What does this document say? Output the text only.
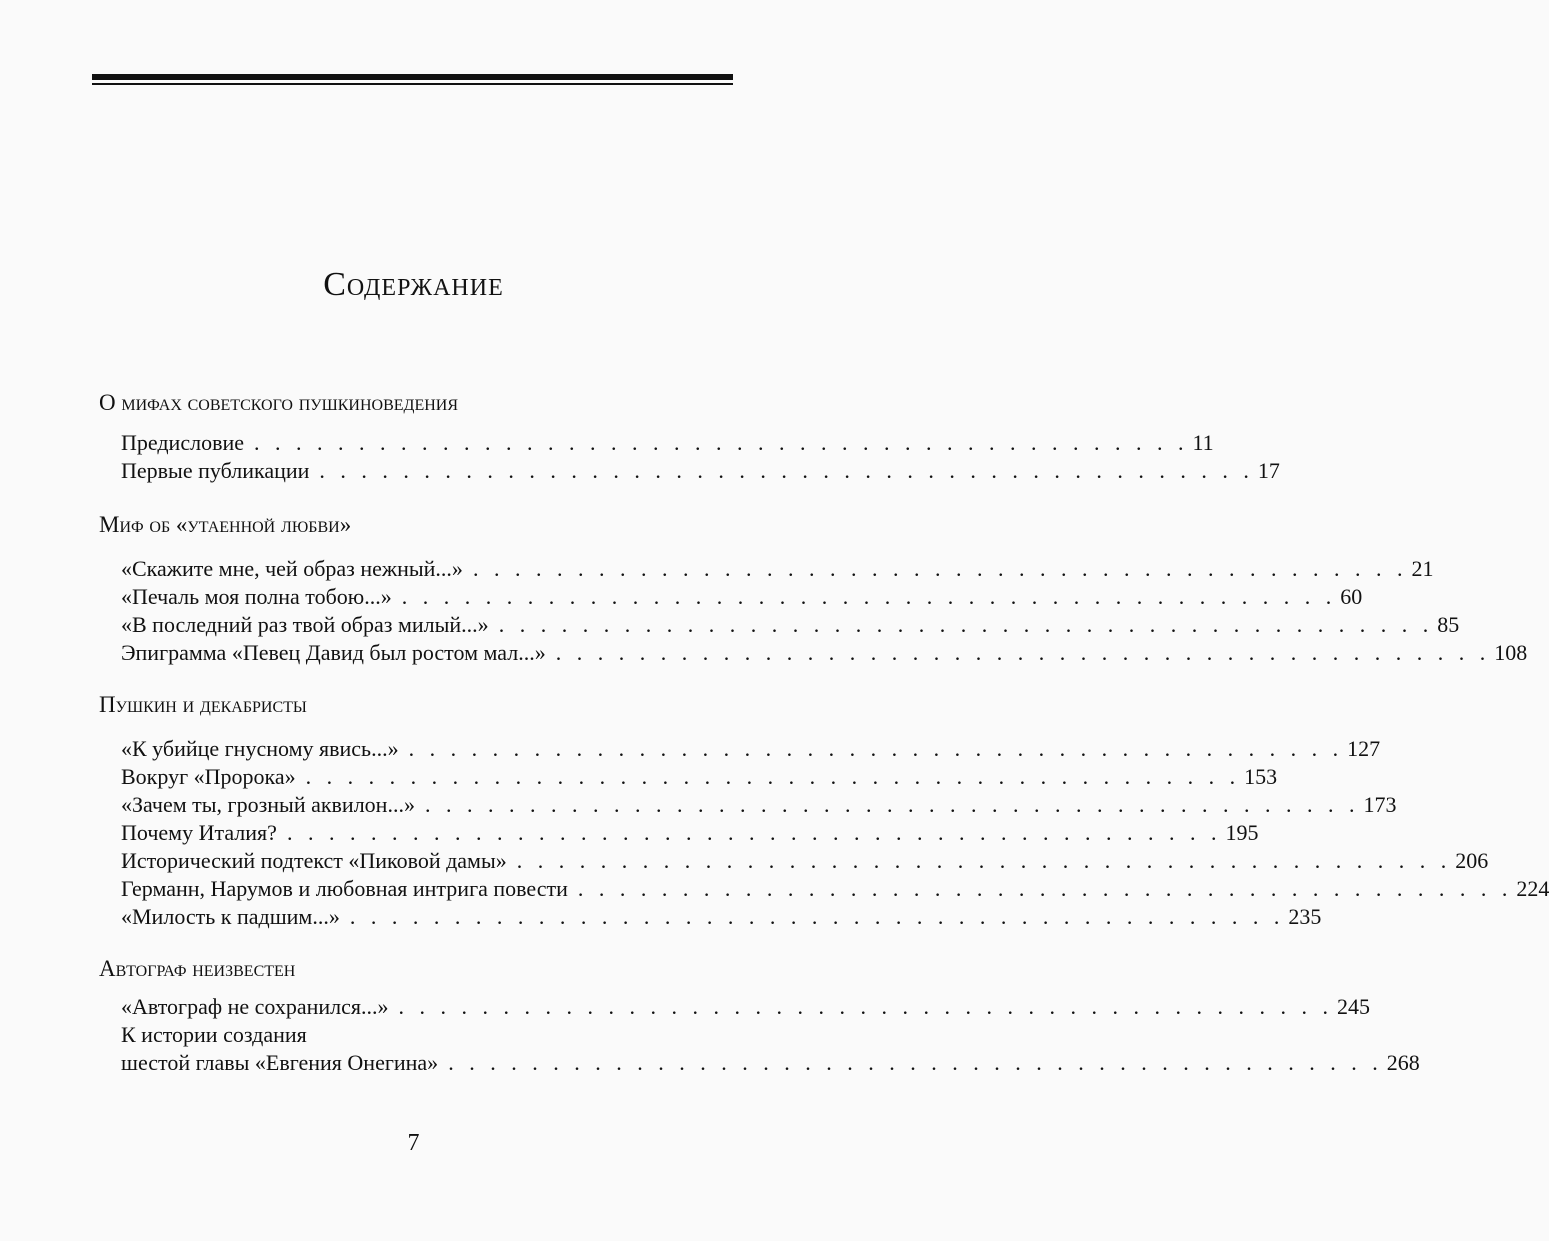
Содержание
О мифах советского пушкиноведения
Предисловие . . . . . . . . . . . . . . . . . . . . . . . . . . . . . . . . . . . . . . . . . . . . . 11
Первые публикации . . . . . . . . . . . . . . . . . . . . . . . . . . . . . . . . . . . . . . . . . . . . . 17
Миф об «утаенной любви»
«Скажите мне, чей образ нежный...» . . . . . . . . . . . . . . . . . . . . . . . . . . . . . . . . . . . . . . . . . . . . . 21
«Печаль моя полна тобою...» . . . . . . . . . . . . . . . . . . . . . . . . . . . . . . . . . . . . . . . . . . . . . 60
«В последний раз твой образ милый...» . . . . . . . . . . . . . . . . . . . . . . . . . . . . . . . . . . . . . . . . . . . . . 85
Эпиграмма «Певец Давид был ростом мал...» . . . . . . . . . . . . . . . . . . . . . . . . . . . . . . . . . . . . . . . . . . . . . 108
Пушкин и декабристы
«К убийце гнусному явись...» . . . . . . . . . . . . . . . . . . . . . . . . . . . . . . . . . . . . . . . . . . . . . 127
Вокруг «Пророка» . . . . . . . . . . . . . . . . . . . . . . . . . . . . . . . . . . . . . . . . . . . . . 153
«Зачем ты, грозный аквилон...» . . . . . . . . . . . . . . . . . . . . . . . . . . . . . . . . . . . . . . . . . . . . . 173
Почему Италия? . . . . . . . . . . . . . . . . . . . . . . . . . . . . . . . . . . . . . . . . . . . . . 195
Исторический подтекст «Пиковой дамы» . . . . . . . . . . . . . . . . . . . . . . . . . . . . . . . . . . . . . . . . . . . . . 206
Германн, Нарумов и любовная интрига повести . . . . . . . . . . . . . . . . . . . . . . . . . . . . . . . . . . . . . . . . . . . . . 224
«Милость к падшим...» . . . . . . . . . . . . . . . . . . . . . . . . . . . . . . . . . . . . . . . . . . . . . 235
Автограф неизвестен
«Автограф не сохранился...» . . . . . . . . . . . . . . . . . . . . . . . . . . . . . . . . . . . . . . . . . . . . . 245
К истории создания
шестой главы «Евгения Онегина» . . . . . . . . . . . . . . . . . . . . . . . . . . . . . . . . . . . . . . . . . . . . . 268
7
